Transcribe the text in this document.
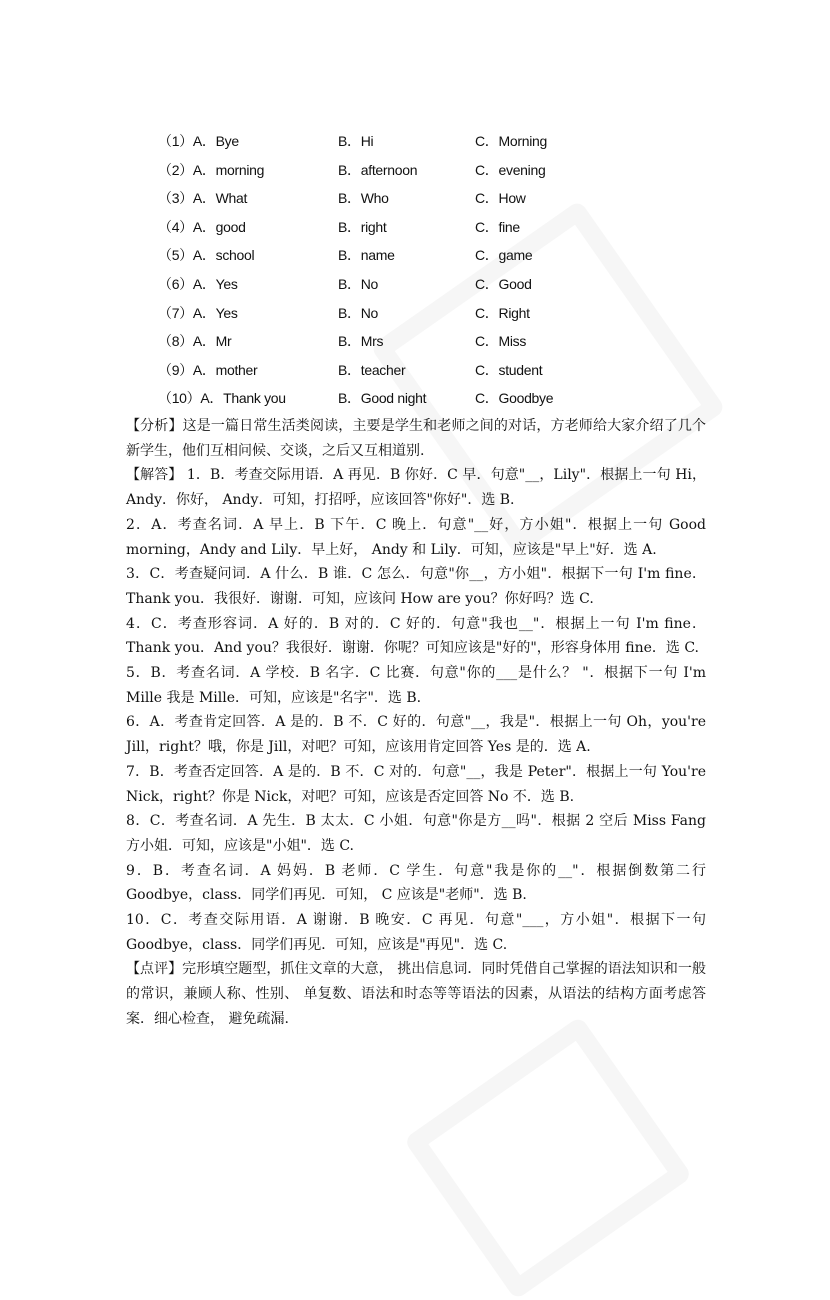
（1）A．Bye	B．Hi	C．Morning
（2）A．morning	B．afternoon	C．evening
（3）A．What	B．Who	C．How
（4）A．good	B．right	C．fine
（5）A．school	B．name	C．game
（6）A．Yes	B．No	C．Good
（7）A．Yes	B．No	C．Right
（8）A．Mr	B．Mrs	C．Miss
（9）A．mother	B．teacher	C．student
（10）A．Thank you	B．Good night	C．Goodbye

【分析】这是一篇日常生活类阅读，主要是学生和老师之间的对话，方老师给大家介绍了几个新学生，他们互相问候、交谈，之后又互相道别.

【解答】 1．B．考查交际用语．A 再见．B 你好．C 早．句意"__，Lily"．根据上一句 Hi，Andy．你好， Andy．可知，打招呼，应该回答"你好"．选 B.

2．A．考查名词．A 早上．B 下午．C 晚上．句意"__好，方小姐"．根据上一句 Good morning，Andy and Lily．早上好， Andy 和 Lily．可知，应该是"早上"好．选 A.

3．C．考查疑问词．A 什么．B 谁．C 怎么．句意"你__，方小姐"．根据下一句 I'm fine．Thank you．我很好．谢谢．可知，应该问 How are you？你好吗？选 C.

4．C．考查形容词．A 好的．B 对的．C 好的．句意"我也__"．根据上一句 I'm fine．Thank you．And you？我很好．谢谢．你呢？可知应该是"好的"，形容身体用 fine．选 C.

5．B．考查名词．A 学校．B 名字．C 比赛．句意"你的___是什么？ "．根据下一句 I'm Mille 我是 Mille．可知，应该是"名字"．选 B.

6．A．考查肯定回答．A 是的．B 不．C 好的．句意"__，我是"．根据上一句 Oh，you're Jill，right？哦，你是 Jill，对吧？可知，应该用肯定回答 Yes 是的．选 A.

7．B．考查否定回答．A 是的．B 不．C 对的．句意"__，我是 Peter"．根据上一句 You're Nick，right？你是 Nick，对吧？可知，应该是否定回答 No 不．选 B.

8．C．考查名词．A 先生．B 太太．C 小姐．句意"你是方__吗"．根据 2 空后 Miss Fang 方小姐．可知，应该是"小姐"．选 C.

9．B．考查名词．A 妈妈．B 老师．C 学生．句意"我是你的__"．根据倒数第二行 Goodbye，class．同学们再见．可知， C 应该是"老师"．选 B.

10．C．考查交际用语．A 谢谢．B 晚安．C 再见．句意"___，方小姐"．根据下一句 Goodbye，class．同学们再见．可知，应该是"再见"．选 C.

【点评】完形填空题型，抓住文章的大意， 挑出信息词．同时凭借自己掌握的语法知识和一般的常识，兼顾人称、性别、 单复数、语法和时态等等语法的因素，从语法的结构方面考虑答案．细心检查， 避免疏漏.
